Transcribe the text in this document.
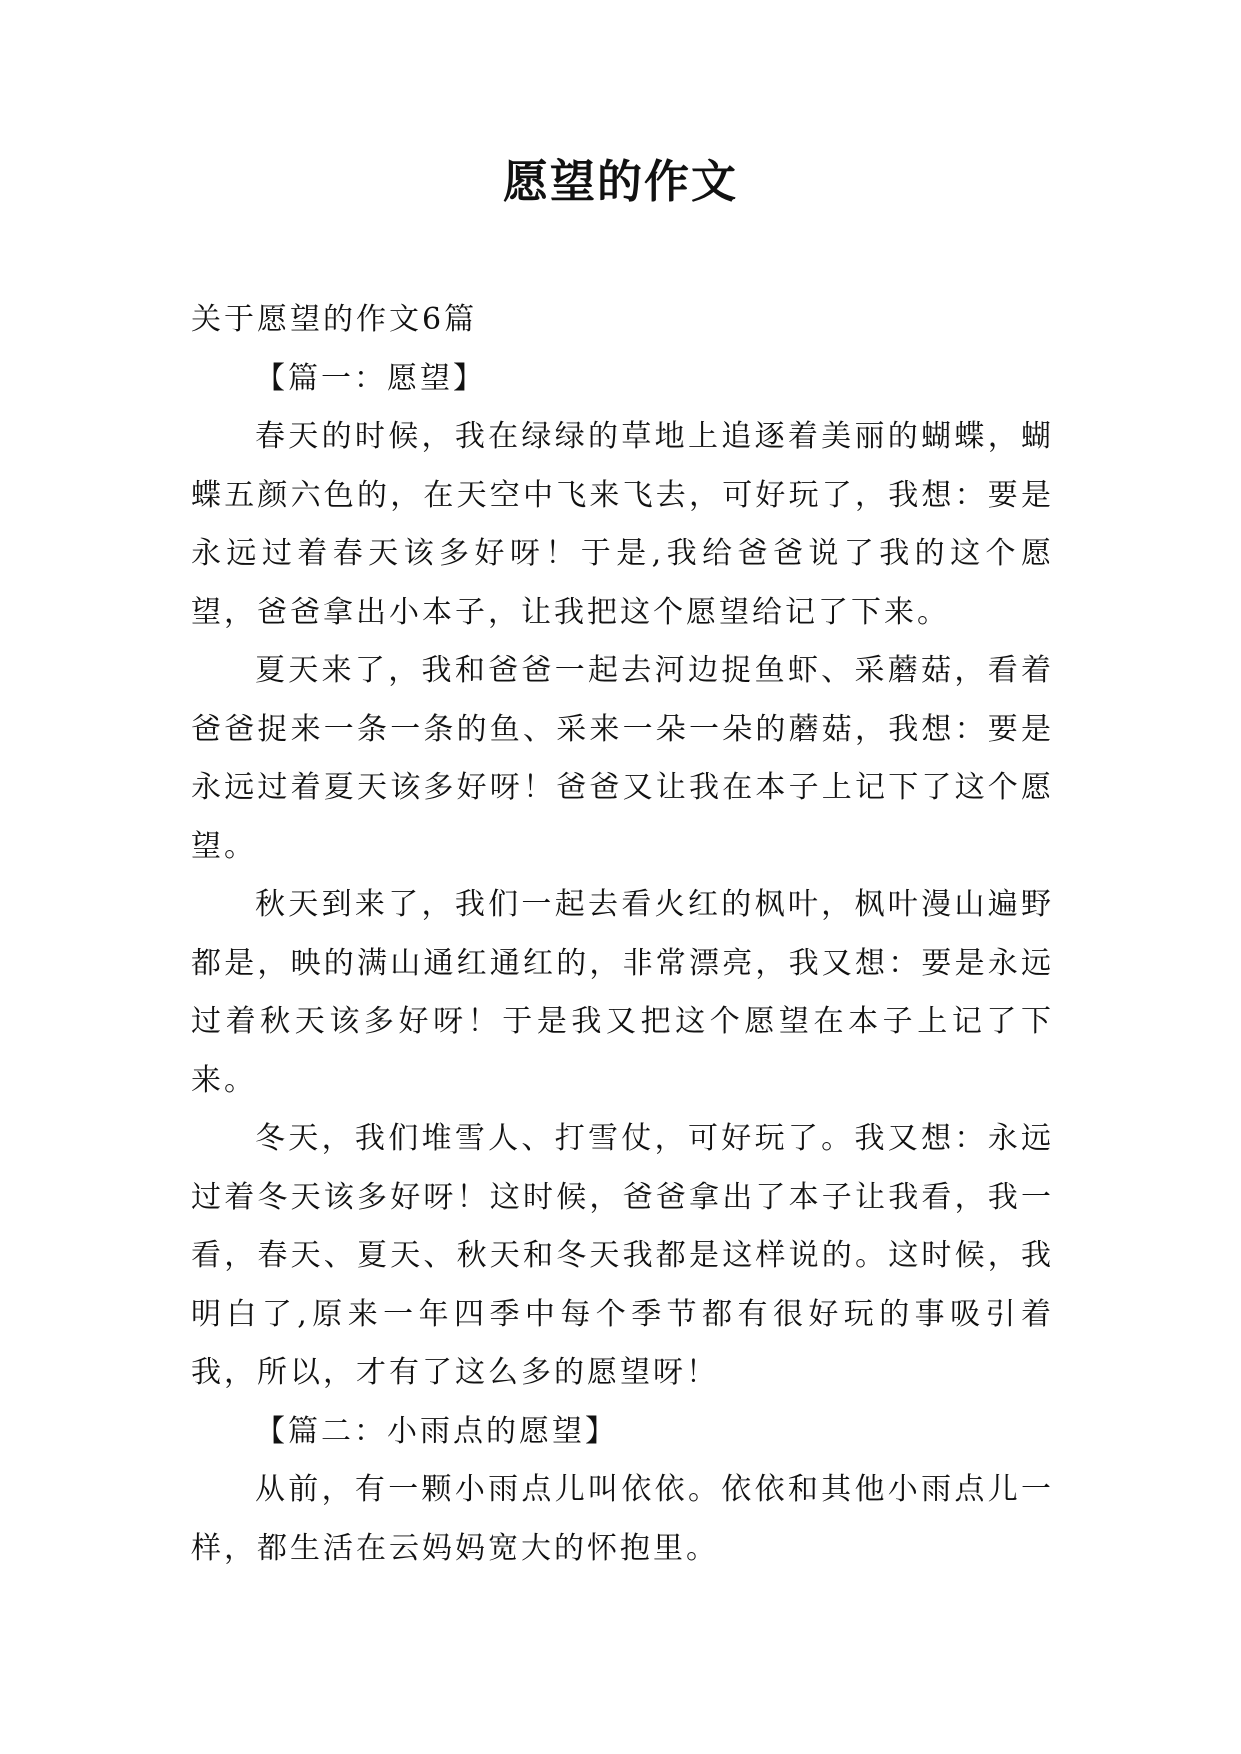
愿望的作文

关于愿望的作文6篇

【篇一：愿望】

春天的时候，我在绿绿的草地上追逐着美丽的蝴蝶，蝴蝶五颜六色的，在天空中飞来飞去，可好玩了，我想：要是永远过着春天该多好呀！于是,我给爸爸说了我的这个愿望，爸爸拿出小本子，让我把这个愿望给记了下来。

夏天来了，我和爸爸一起去河边捉鱼虾、采蘑菇，看着爸爸捉来一条一条的鱼、采来一朵一朵的蘑菇，我想：要是永远过着夏天该多好呀！爸爸又让我在本子上记下了这个愿望。

秋天到来了，我们一起去看火红的枫叶，枫叶漫山遍野都是，映的满山通红通红的，非常漂亮，我又想：要是永远过着秋天该多好呀！于是我又把这个愿望在本子上记了下来。

冬天，我们堆雪人、打雪仗，可好玩了。我又想：永远过着冬天该多好呀！这时候，爸爸拿出了本子让我看，我一看，春天、夏天、秋天和冬天我都是这样说的。这时候，我明白了,原来一年四季中每个季节都有很好玩的事吸引着我，所以，才有了这么多的愿望呀！

【篇二：小雨点的愿望】

从前，有一颗小雨点儿叫依依。依依和其他小雨点儿一样，都生活在云妈妈宽大的怀抱里。
